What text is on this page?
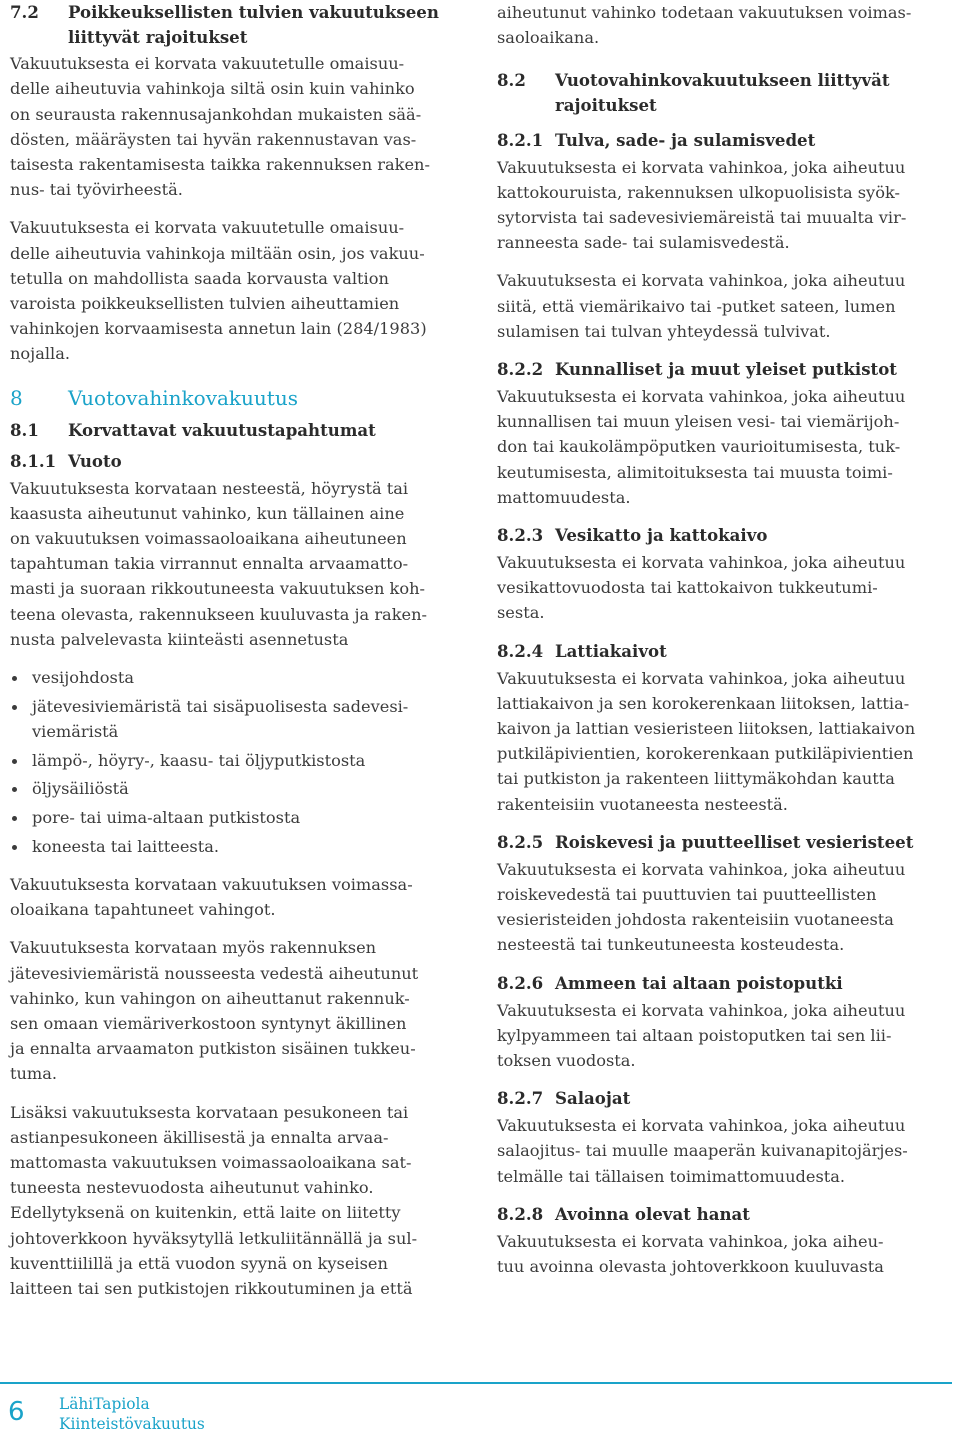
7.2	Poikkeuksellisten tulvien vakuutukseen
liittyvät rajoitukset

Vakuutuksesta ei korvata vakuutetulle omaisuu-
delle aiheutuvia vahinkoja siltä osin kuin vahinko
on seurausta rakennusajankohdan mukaisten sää-
dösten, määräysten tai hyvän rakennustavan vas-
taisesta rakentamisesta taikka rakennuksen raken-
nus- tai työvirheestä.

Vakuutuksesta ei korvata vakuutetulle omaisuu-
delle aiheutuvia vahinkoja miltään osin, jos vakuu-
tetulla on mahdollista saada korvausta valtion
varoista poikkeuksellisten tulvien aiheuttamien
vahinkojen korvaamisesta annetun lain (284/1983)
nojalla.

8	Vuotovahinkovakuutus
8.1	Korvattavat vakuutustapahtumat
8.1.1 Vuoto

Vakuutuksesta korvataan nesteestä, höyrystä tai
kaasusta aiheutunut vahinko, kun tällainen aine
on vakuutuksen voimassaoloaikana aiheutuneen
tapahtuman takia virrannut ennalta arvaamatto-
masti ja suoraan rikkoutuneesta vakuutuksen koh-
teena olevasta, rakennukseen kuuluvasta ja raken-
nusta palvelevasta kiinteästi asennetusta

vesijohdosta
jätevesiviemäristä tai sisäpuolisesta sadevesi-
viemäristä
lämpö-, höyry-, kaasu- tai öljyputkistosta
öljysäiliöstä
pore- tai uima-altaan putkistosta
koneesta tai laitteesta.

Vakuutuksesta korvataan vakuutuksen voimassa-
oloaikana tapahtuneet vahingot.

Vakuutuksesta korvataan myös rakennuksen
jätevesiviemäristä nousseesta vedestä aiheutunut
vahinko, kun vahingon on aiheuttanut rakennuk-
sen omaan viemäriverkostoon syntynyt äkillinen
ja ennalta arvaamaton putkiston sisäinen tukkeu-
tuma.

Lisäksi vakuutuksesta korvataan pesukoneen tai
astianpesukoneen äkillisestä ja ennalta arvaa-
mattomasta vakuutuksen voimassaoloaikana sat-
tuneesta nestevuodosta aiheutunut vahinko.
Edellytyksenä on kuitenkin, että laite on liitetty
johtoverkkoon hyväksytyllä letkuliitännällä ja sul-
kuventtiilillä ja että vuodon syynä on kyseisen
laitteen tai sen putkistojen rikkoutuminen ja että

aiheutunut vahinko todetaan vakuutuksen voimas-
saoloaikana.

8.2	Vuotovahinkovakuutukseen liittyvät
rajoitukset
8.2.1 Tulva, sade- ja sulamisvedet

Vakuutuksesta ei korvata vahinkoa, joka aiheutuu
kattokouruista, rakennuksen ulkopuolisista syök-
sytorvista tai sadevesiviemäreistä tai muualta vir-
ranneesta sade- tai sulamisvedestä.

Vakuutuksesta ei korvata vahinkoa, joka aiheutuu
siitä, että viemärikaivo tai -putket sateen, lumen
sulamisen tai tulvan yhteydessä tulvivat.

8.2.2 Kunnalliset ja muut yleiset putkistot

Vakuutuksesta ei korvata vahinkoa, joka aiheutuu
kunnallisen tai muun yleisen vesi- tai viemärijoh-
don tai kaukolämpöputken vaurioitumisesta, tuk-
keutumisesta, alimitoituksesta tai muusta toimi-
mattomuudesta.

8.2.3 Vesikatto ja kattokaivo

Vakuutuksesta ei korvata vahinkoa, joka aiheutuu
vesikattovuodosta tai kattokaivon tukkeutumi-
sesta.

8.2.4 Lattiakaivot

Vakuutuksesta ei korvata vahinkoa, joka aiheutuu
lattiakaivon ja sen korokerenkaan liitoksen, lattia-
kaivon ja lattian vesieristeen liitoksen, lattiakaivon
putkiläpivientien, korokerenkaan putkiläpivientien
tai putkiston ja rakenteen liittymäkohdan kautta
rakenteisiin vuotaneesta nesteestä.

8.2.5 Roiskevesi ja puutteelliset vesieristeet

Vakuutuksesta ei korvata vahinkoa, joka aiheutuu
roiskevedestä tai puuttuvien tai puutteellisten
vesieristeiden johdosta rakenteisiin vuotaneesta
nesteestä tai tunkeutuneesta kosteudesta.

8.2.6 Ammeen tai altaan poistoputki

Vakuutuksesta ei korvata vahinkoa, joka aiheutuu
kylpyammeen tai altaan poistoputken tai sen lii-
toksen vuodosta.

8.2.7 Salaojat

Vakuutuksesta ei korvata vahinkoa, joka aiheutuu
salaojitus- tai muulle maaperän kuivanapitojärjes-
telmälle tai tällaisen toimimattomuudesta.

8.2.8 Avoinna olevat hanat

Vakuutuksesta ei korvata vahinkoa, joka aiheu-
tuu avoinna olevasta johtoverkkoon kuuluvasta

6 LähiTapiola
Kiinteistövakuutus
